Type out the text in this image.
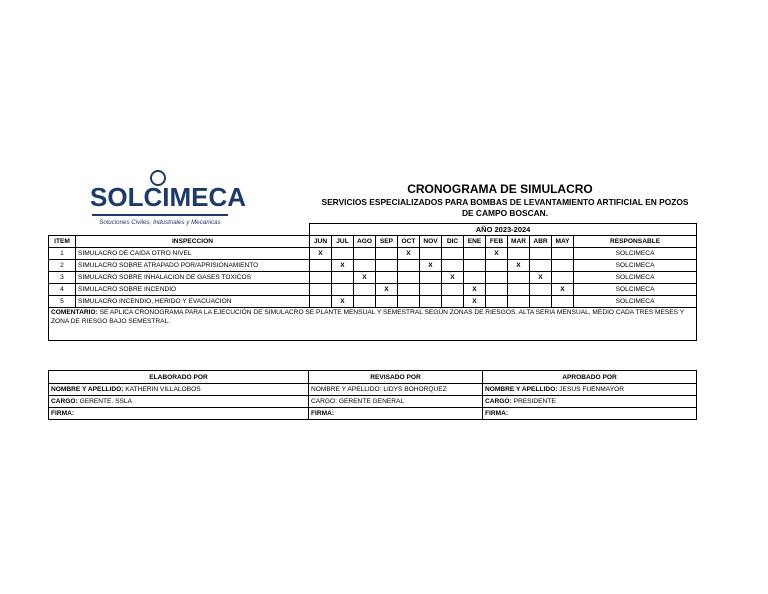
SOLCIMECA
Soluciones Civiles, Industriales y Mecanicas
CRONOGRAMA DE SIMULACRO
SERVICIOS ESPECIALIZADOS PARA BOMBAS DE LEVANTAMIENTO ARTIFICIAL EN POZOS DE CAMPO BOSCAN.
		AÑO 2023-2024												
ITEM	INSPECCION	JUN	JUL	AGO	SEP	OCT	NOV	DIC	ENE	FEB	MAR	ABR	MAY	RESPONSABLE
1	SIMULACRO DE CAIDA OTRO NIVEL	X				X				X				SOLCIMECA
2	SIMULACRO SOBRE ATRAPADO POR/APRISIONAMIENTO		X				X				X			SOLCIMECA
3	SIMULACRO SOBRE INHALACION DE GASES TOXICOS			X				X				X		SOLCIMECA
4	SIMULACRO SOBRE INCENDIO				X				X				X	SOLCIMECA
5	SIMULACRO INCENDIO, HERIDO Y EVACUACION		X						X					SOLCIMECA
COMENTARIO: SE APLICA CRONOGRAMA PARA LA EJECUCIÓN DE SIMULACRO SE PLANTE MENSUAL Y SEMESTRAL SEGÚN ZONAS DE RIESGOS. ALTA SERIA MENSUAL, MEDIO CADA TRES MESES Y ZONA DE RIESGO BAJO SEMESTRAL.														
ELABORADO POR	REVISADO POR	APROBADO POR
NOMBRE Y APELLIDO: KATHERIN VILLALOBOS	NOMBRE Y APELLIDO: LIDYS BOHORQUEZ	NOMBRE Y APELLIDO: JESUS FUENMAYOR
CARGO: GERENTE. SSLA	CARGO: GERENTE GENERAL	CARGO: PRESIDENTE
FIRMA:	FIRMA:	FIRMA:
